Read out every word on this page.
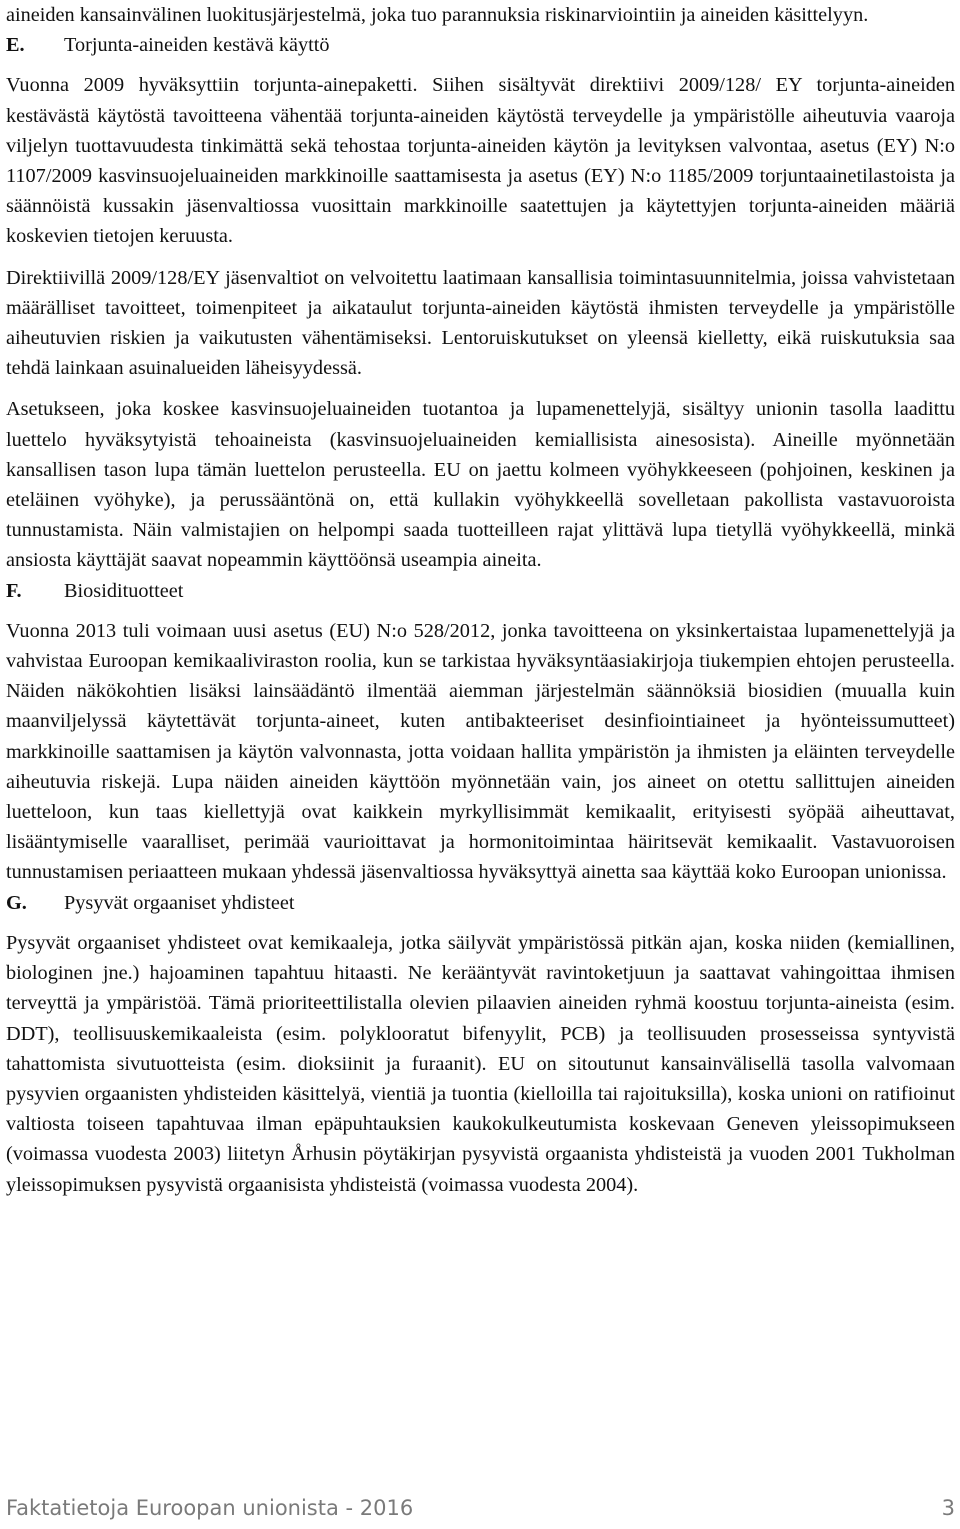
aineiden kansainvälinen luokitusjärjestelmä, joka tuo parannuksia riskinarviointiin ja aineiden käsittelyyn.

E.	Torjunta-aineiden kestävä käyttö

Vuonna 2009 hyväksyttiin torjunta-ainepaketti. Siihen sisältyvät direktiivi 2009/128/ EY torjunta-aineiden kestävästä käytöstä tavoitteena vähentää torjunta-aineiden käytöstä terveydelle ja ympäristölle aiheutuvia vaaroja viljelyn tuottavuudesta tinkimättä sekä tehostaa torjunta-aineiden käytön ja levityksen valvontaa, asetus (EY) N:o 1107/2009 kasvinsuojeluaineiden markkinoille saattamisesta ja asetus (EY) N:o 1185/2009 torjuntaainetilastoista ja säännöistä kussakin jäsenvaltiossa vuosittain markkinoille saatettujen ja käytettyjen torjunta-aineiden määriä koskevien tietojen keruusta.

Direktiivillä 2009/128/EY jäsenvaltiot on velvoitettu laatimaan kansallisia toimintasuunnitelmia, joissa vahvistetaan määrälliset tavoitteet, toimenpiteet ja aikataulut torjunta-aineiden käytöstä ihmisten terveydelle ja ympäristölle aiheutuvien riskien ja vaikutusten vähentämiseksi. Lentoruiskutukset on yleensä kielletty, eikä ruiskutuksia saa tehdä lainkaan asuinalueiden läheisyydessä.

Asetukseen, joka koskee kasvinsuojeluaineiden tuotantoa ja lupamenettelyjä, sisältyy unionin tasolla laadittu luettelo hyväksytyistä tehoaineista (kasvinsuojeluaineiden kemiallisista ainesosista). Aineille myönnetään kansallisen tason lupa tämän luettelon perusteella. EU on jaettu kolmeen vyöhykkeeseen (pohjoinen, keskinen ja eteläinen vyöhyke), ja perussääntönä on, että kullakin vyöhykkeellä sovelletaan pakollista vastavuoroista tunnustamista. Näin valmistajien on helpompi saada tuotteilleen rajat ylittävä lupa tietyllä vyöhykkeellä, minkä ansiosta käyttäjät saavat nopeammin käyttöönsä useampia aineita.

F.	Biosidituotteet

Vuonna 2013 tuli voimaan uusi asetus (EU) N:o 528/2012, jonka tavoitteena on yksinkertaistaa lupamenettelyjä ja vahvistaa Euroopan kemikaaliviraston roolia, kun se tarkistaa hyväksyntäasiakirjoja tiukempien ehtojen perusteella. Näiden näkökohtien lisäksi lainsäädäntö ilmentää aiemman järjestelmän säännöksiä biosidien (muualla kuin maanviljelyssä käytettävät torjunta-aineet, kuten antibakteeriset desinfiointiaineet ja hyönteissumutteet) markkinoille saattamisen ja käytön valvonnasta, jotta voidaan hallita ympäristön ja ihmisten ja eläinten terveydelle aiheutuvia riskejä. Lupa näiden aineiden käyttöön myönnetään vain, jos aineet on otettu sallittujen aineiden luetteloon, kun taas kiellettyjä ovat kaikkein myrkyllisimmät kemikaalit, erityisesti syöpää aiheuttavat, lisääntymiselle vaaralliset, perimää vaurioittavat ja hormonitoimintaa häiritsevät kemikaalit. Vastavuoroisen tunnustamisen periaatteen mukaan yhdessä jäsenvaltiossa hyväksyttyä ainetta saa käyttää koko Euroopan unionissa.

G.	Pysyvät orgaaniset yhdisteet

Pysyvät orgaaniset yhdisteet ovat kemikaaleja, jotka säilyvät ympäristössä pitkän ajan, koska niiden (kemiallinen, biologinen jne.) hajoaminen tapahtuu hitaasti. Ne kerääntyvät ravintoketjuun ja saattavat vahingoittaa ihmisen terveyttä ja ympäristöä. Tämä prioriteettilistalla olevien pilaavien aineiden ryhmä koostuu torjunta-aineista (esim. DDT), teollisuuskemikaaleista (esim. polyklooratut bifenyylit, PCB) ja teollisuuden prosesseissa syntyvistä tahattomista sivutuotteista (esim. dioksiinit ja furaanit). EU on sitoutunut kansainvälisellä tasolla valvomaan pysyvien orgaanisten yhdisteiden käsittelyä, vientiä ja tuontia (kielloilla tai rajoituksilla), koska unioni on ratifioinut valtiosta toiseen tapahtuvaa ilman epäpuhtauksien kaukokulkeutumista koskevaan Geneven yleissopimukseen (voimassa vuodesta 2003) liitetyn Århusin pöytäkirjan pysyvistä orgaanista yhdisteistä ja vuoden 2001 Tukholman yleissopimuksen pysyvistä orgaanisista yhdisteistä (voimassa vuodesta 2004).

Faktatietoja Euroopan unionista - 2016	3
